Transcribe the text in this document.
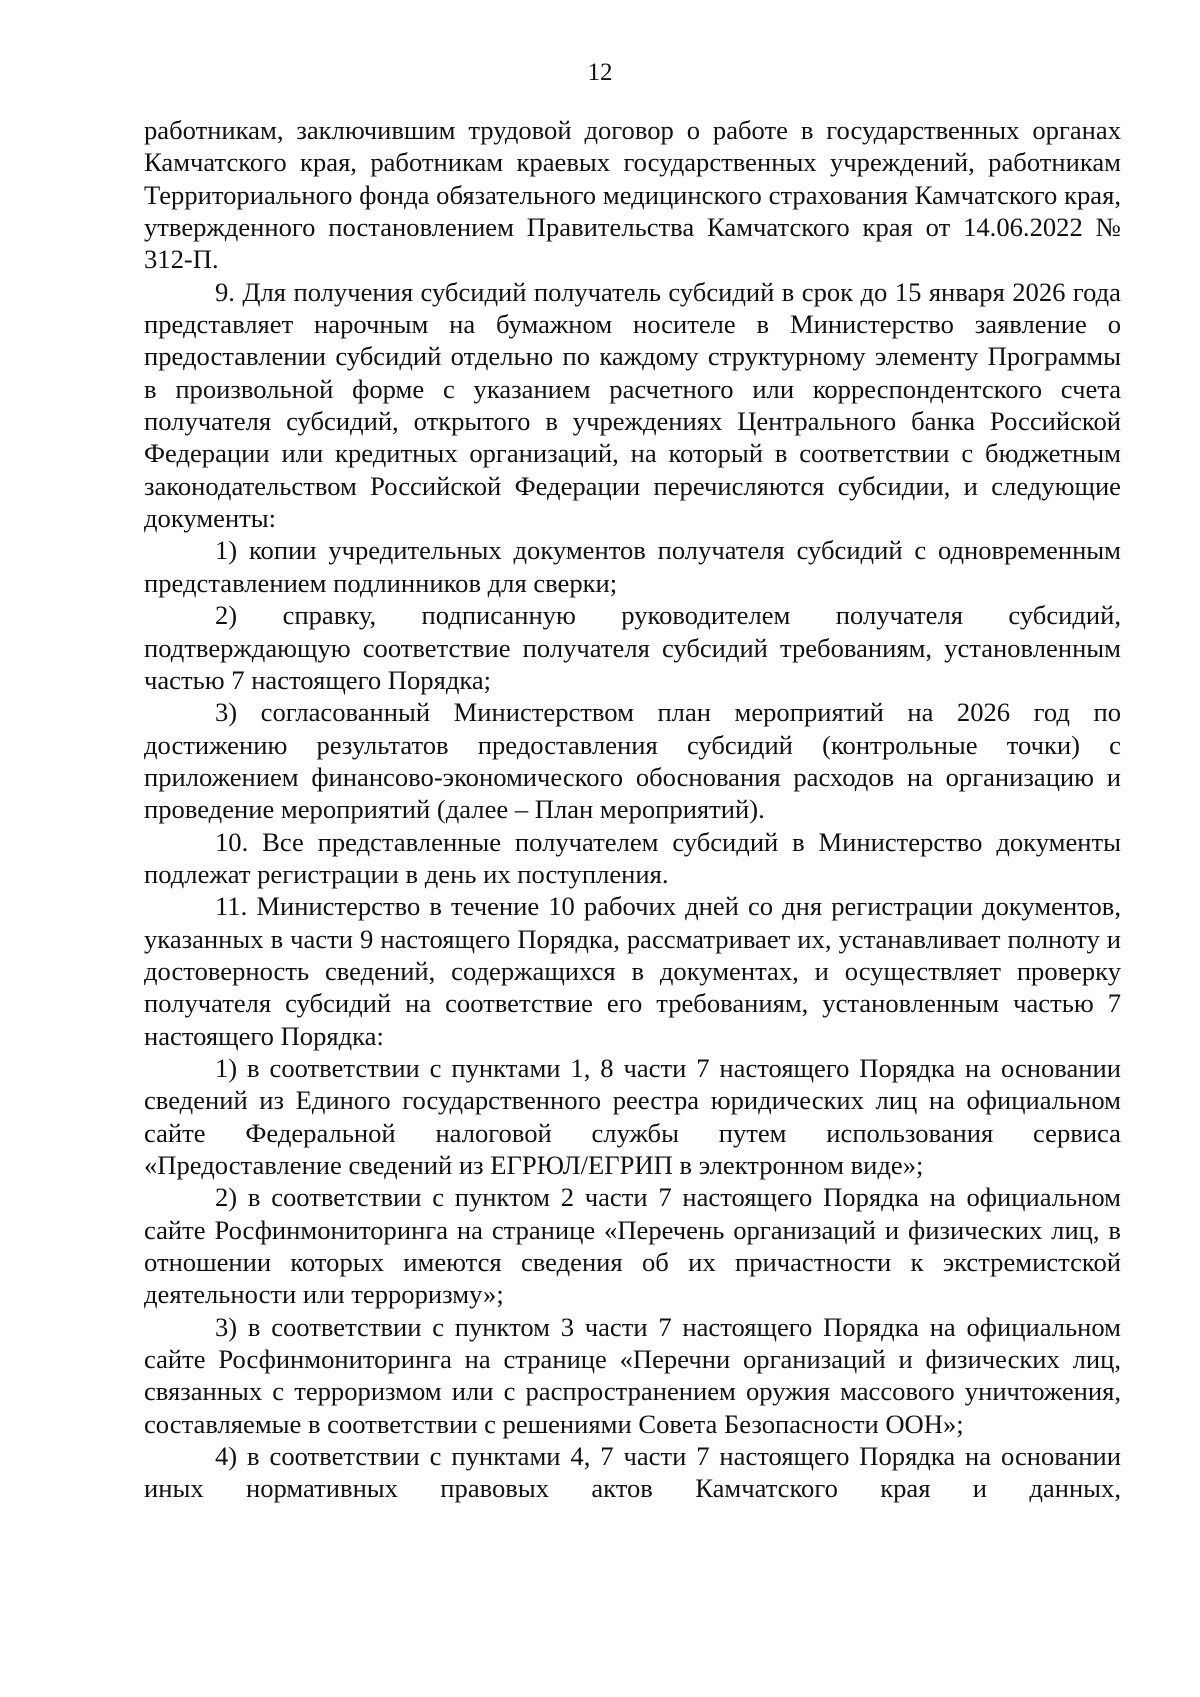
12

работникам, заключившим трудовой договор о работе в государственных органах Камчатского края, работникам краевых государственных учреждений, работникам Территориального фонда обязательного медицинского страхования Камчатского края, утвержденного постановлением Правительства Камчатского края от 14.06.2022 № 312-П.

9. Для получения субсидий получатель субсидий в срок до 15 января 2026 года представляет нарочным на бумажном носителе в Министерство заявление о предоставлении субсидий отдельно по каждому структурному элементу Программы в произвольной форме с указанием расчетного или корреспондентского счета получателя субсидий, открытого в учреждениях Центрального банка Российской Федерации или кредитных организаций, на который в соответствии с бюджетным законодательством Российской Федерации перечисляются субсидии, и следующие документы:

1) копии учредительных документов получателя субсидий с одновременным представлением подлинников для сверки;

2) справку, подписанную руководителем получателя субсидий, подтверждающую соответствие получателя субсидий требованиям, установленным частью 7 настоящего Порядка;

3) согласованный Министерством план мероприятий на 2026 год по достижению результатов предоставления субсидий (контрольные точки) с приложением финансово-экономического обоснования расходов на организацию и проведение мероприятий (далее – План мероприятий).

10. Все представленные получателем субсидий в Министерство документы подлежат регистрации в день их поступления.

11. Министерство в течение 10 рабочих дней со дня регистрации документов, указанных в части 9 настоящего Порядка, рассматривает их, устанавливает полноту и достоверность сведений, содержащихся в документах, и осуществляет проверку получателя субсидий на соответствие его требованиям, установленным частью 7 настоящего Порядка:

1) в соответствии с пунктами 1, 8 части 7 настоящего Порядка на основании сведений из Единого государственного реестра юридических лиц на официальном сайте Федеральной налоговой службы путем использования сервиса «Предоставление сведений из ЕГРЮЛ/ЕГРИП в электронном виде»;

2) в соответствии с пунктом 2 части 7 настоящего Порядка на официальном сайте Росфинмониторинга на странице «Перечень организаций и физических лиц, в отношении которых имеются сведения об их причастности к экстремистской деятельности или терроризму»;

3) в соответствии с пунктом 3 части 7 настоящего Порядка на официальном сайте Росфинмониторинга на странице «Перечни организаций и физических лиц, связанных с терроризмом или с распространением оружия массового уничтожения, составляемые в соответствии с решениями Совета Безопасности ООН»;

4) в соответствии с пунктами 4, 7 части 7 настоящего Порядка на основании иных нормативных правовых актов Камчатского края и данных,
